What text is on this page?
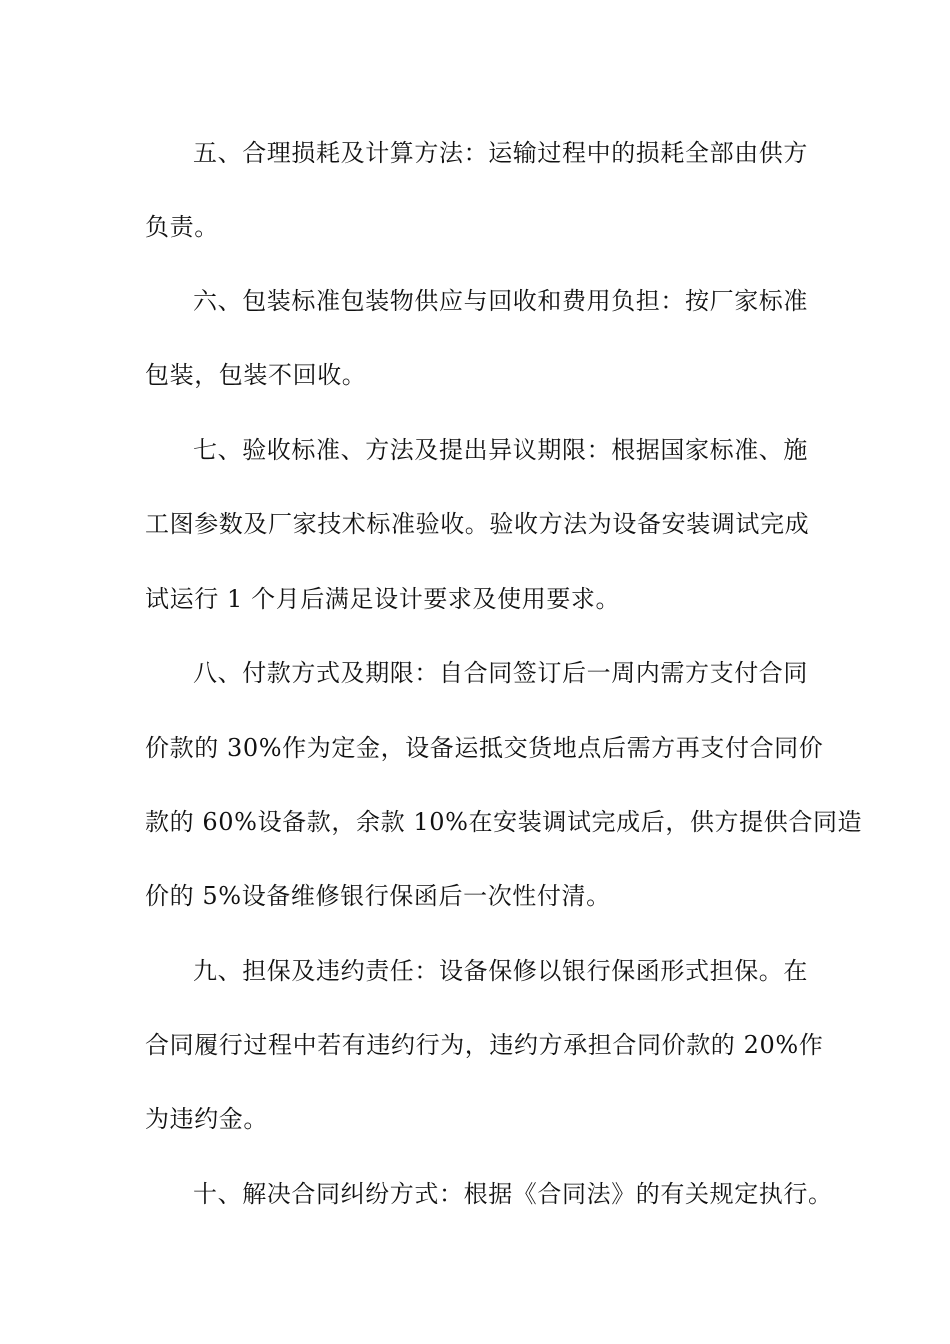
五、合理损耗及计算方法：运输过程中的损耗全部由供方
负责。
六、包装标准包装物供应与回收和费用负担：按厂家标准
包装，包装不回收。
七、验收标准、方法及提出异议期限：根据国家标准、施
工图参数及厂家技术标准验收。验收方法为设备安装调试完成
试运行 1 个月后满足设计要求及使用要求。
八、付款方式及期限：自合同签订后一周内需方支付合同
价款的 30%作为定金，设备运抵交货地点后需方再支付合同价
款的 60%设备款，余款 10%在安装调试完成后，供方提供合同造
价的 5%设备维修银行保函后一次性付清。
九、担保及违约责任：设备保修以银行保函形式担保。在
合同履行过程中若有违约行为，违约方承担合同价款的 20%作
为违约金。
十、解决合同纠纷方式：根据《合同法》的有关规定执行。
